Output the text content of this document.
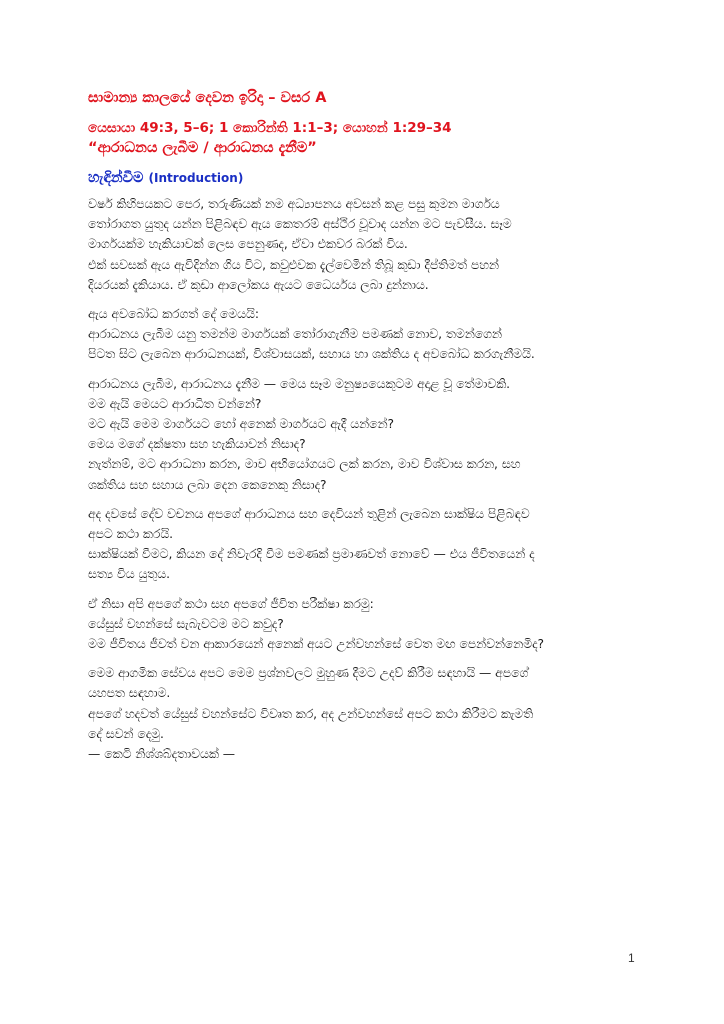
සාමාන්‍ය කාලයේ දෙවන ඉරිදා – වසර A

යෙසායා 49:3, 5–6; 1 කොරින්ති 1:1–3; යොහන් 1:29–34

“ආරාධනය ලැබීම / ආරාධනය දැනීම”

හැඳින්වීම (Introduction)
වර්ෂ කිහිපයකට පෙර, තරුණියක් නම අධ්‍යාපනය අවසන් කළ පසු කුමන මාර්ගය
තෝරාගත යුතුද යන්න පිළිබඳව ඇය කෙතරම් අස්ථිර වූවාද යන්න මට පැවසීය. සෑම
මාර්ගයක්ම හැකියාවක් ලෙස පෙනුණද, ඒවා එකවර බරක් විය.
එක් සවසක් ඇය ඇවිදින්න ගිය විට, කවුළුවක දැල්වෙමින් තිබූ කුඩා දීප්තිමත් පහන්
දියරයක් දැකියාය. ඒ කුඩා ආලෝකය ඇයට ධෛර්යය ලබා දුන්නාය.
ඇය අවබෝධ කරගත් දේ මෙයයි:
ආරාධනය ලැබීම යනු තමන්ම මාර්ගයක් තෝරාගැනීම පමණක් නොව, තමන්ගෙන්
පිටත සිට ලැබෙන ආරාධනයක්, විශ්වාසයක්, සහාය හා ශක්තිය ද අවබෝධ කරගැනීමයි.
ආරාධනය ලැබීම, ආරාධනය දැනීම — මෙය සෑම මනුෂ්‍යයෙකුටම අදාළ වූ තේමාවකි.
මම ඇයි මෙයට ආරාධිත වන්නේ?
මට ඇයි මෙම මාර්ගයට හෝ අනෙක් මාර්ගයට ඇදී යන්නේ?
මෙය මගේ දක්ෂතා සහ හැකියාවන් නිසාද?
නැත්නම්, මට ආරාධනා කරන, මාව අභියෝගයට ලක් කරන, මාව විශ්වාස කරන, සහ
ශක්තිය සහ සහාය ලබා දෙන කෙනෙකු නිසාද?
අද දවසේ දේව වචනය අපගේ ආරාධනය සහ දෙවියන් තුළින් ලැබෙන සාක්ෂිය පිළිබඳව
අපට කථා කරයි.
සාක්ෂියක් වීමට, කියන දේ නිවැරදි වීම පමණක් ප්‍රමාණවත් නොවේ — එය ජීවිතයෙන් ද
සත්‍ය විය යුතුය.
ඒ නිසා අපි අපගේ කථා සහ අපගේ ජීවිත පරීක්ෂා කරමු:
යේසුස් වහන්සේ සැබැවටම මට කවුද?
මම ජීවිතය ජීවත් වන ආකාරයෙන් අනෙක් අයට උන්වහන්සේ වෙත මඟ පෙන්වන්නෙමිද?
මෙම ආගමික සේවය අපට මෙම ප්‍රශ්නවලට මුහුණ දීමට උදව් කිරීම සඳහායි — අපගේ
යහපත සඳහාම.
අපගේ හදවත් යේසුස් වහන්සේට විවෘත කර, අද උන්වහන්සේ අපට කථා කිරීමට කැමති
දේ සවන් දෙමු.
— කෙටි නිශ්ශබ්දතාවයක් —
1
